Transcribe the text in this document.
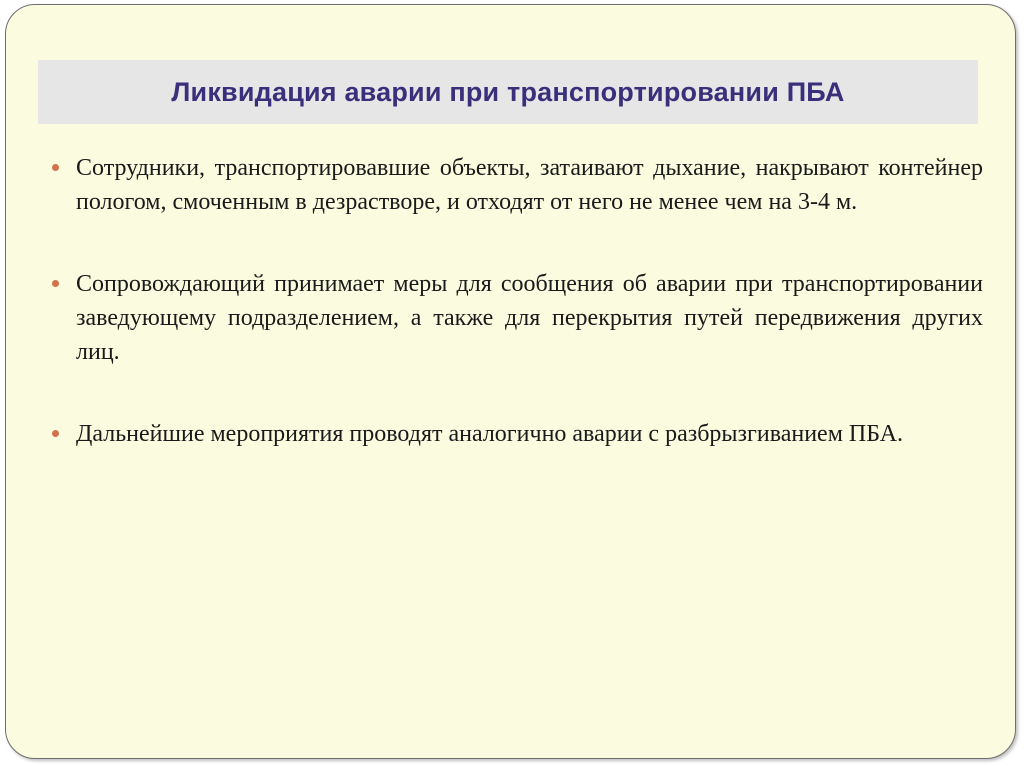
Ликвидация аварии при транспортировании ПБА
Сотрудники, транспортировавшие объекты, затаивают дыхание, накрывают контейнер пологом, смоченным в дезрастворе, и отходят от него не менее чем на 3-4 м.
Сопровождающий принимает меры для сообщения об аварии при транспортировании заведующему подразделением, а также для перекрытия путей передвижения других лиц.
Дальнейшие мероприятия проводят аналогично аварии с разбрызгиванием ПБА.
